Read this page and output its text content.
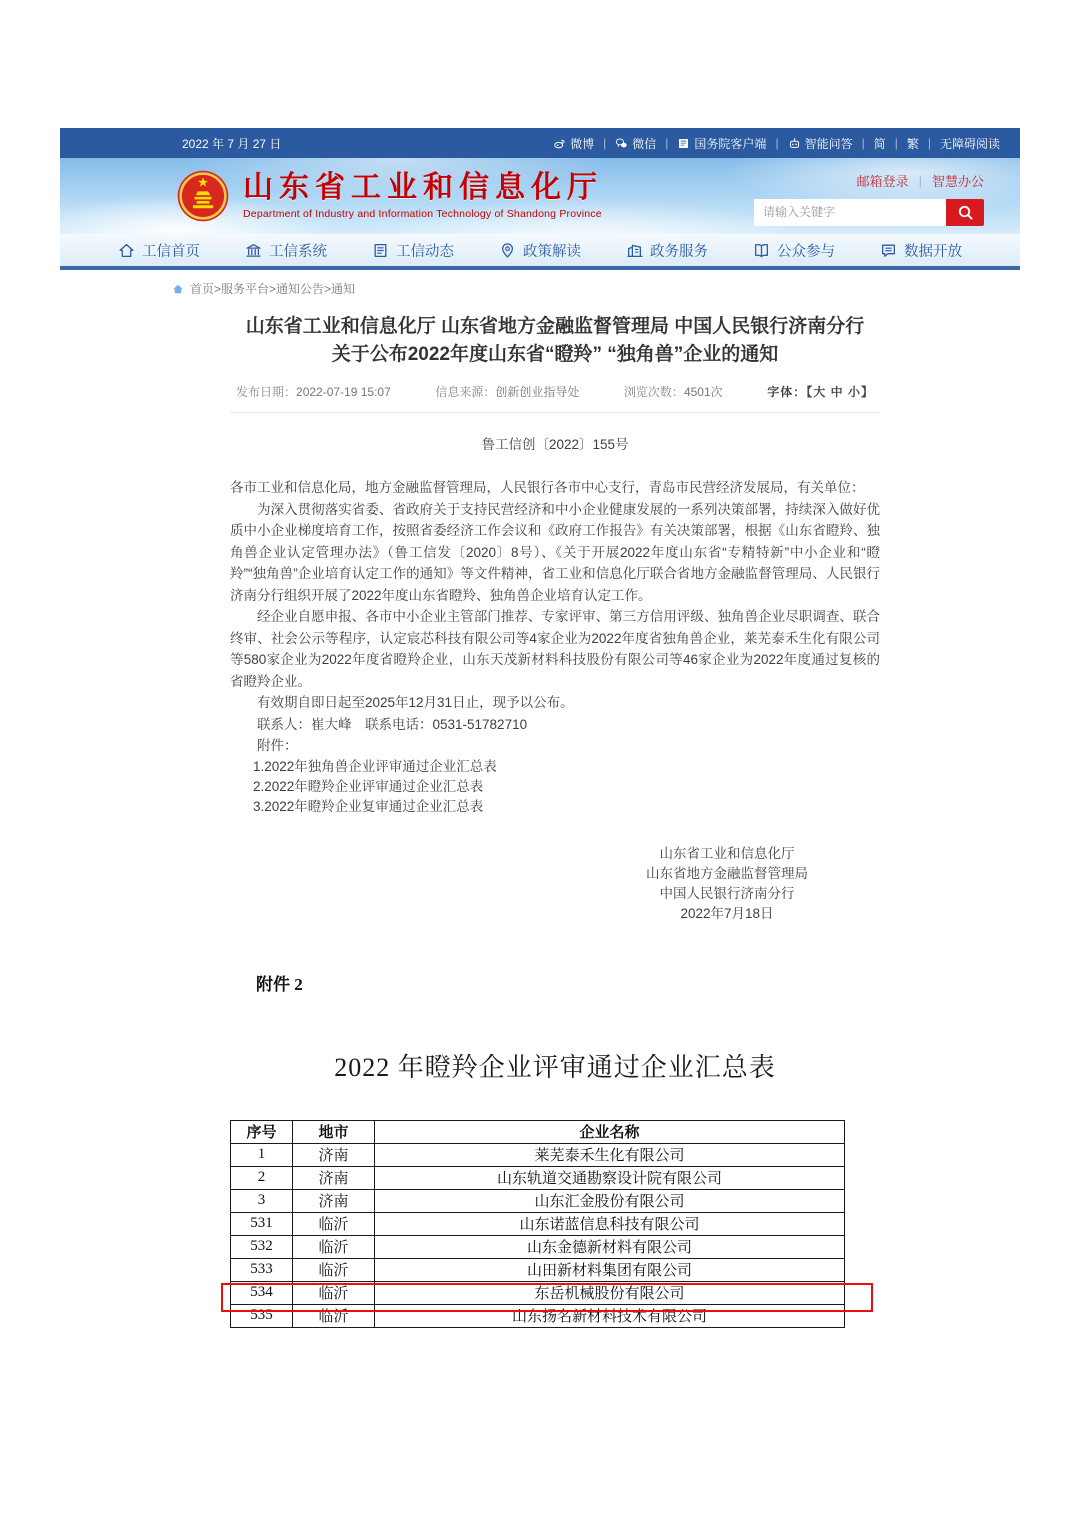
2022 年 7 月 27 日	微博 | 微信 | 国务院客户端 | 智能问答 | 简 | 繁 | 无障碍阅读
山东省工业和信息化厅
Department of Industry and Information Technology of Shandong Province
邮箱登录 | 智慧办公
请输入关键字
工信首页	工信系统	工信动态	政策解读	政务服务	公众参与	数据开放
首页>服务平台>通知公告>通知
山东省工业和信息化厅 山东省地方金融监督管理局 中国人民银行济南分行
关于公布2022年度山东省“瞪羚” “独角兽”企业的通知
发布日期：2022-07-19 15:07	信息来源：创新创业指导处	浏览次数：4501次	字体：【大 中 小】
鲁工信创〔2022〕155号

各市工业和信息化局，地方金融监督管理局，人民银行各市中心支行，青岛市民营经济发展局，有关单位：

为深入贯彻落实省委、省政府关于支持民营经济和中小企业健康发展的一系列决策部署，持续深入做好优质中小企业梯度培育工作，按照省委经济工作会议和《政府工作报告》有关决策部署，根据《山东省瞪羚、独角兽企业认定管理办法》（鲁工信发〔2020〕8号）、《关于开展2022年度山东省“专精特新”中小企业和“瞪羚”“独角兽”企业培育认定工作的通知》等文件精神，省工业和信息化厅联合省地方金融监督管理局、人民银行济南分行组织开展了2022年度山东省瞪羚、独角兽企业培育认定工作。

经企业自愿申报、各市中小企业主管部门推荐、专家评审、第三方信用评级、独角兽企业尽职调查、联合终审、社会公示等程序，认定宸芯科技有限公司等4家企业为2022年度省独角兽企业，莱芜泰禾生化有限公司等580家企业为2022年度省瞪羚企业，山东天茂新材料科技股份有限公司等46家企业为2022年度通过复核的省瞪羚企业。

有效期自即日起至2025年12月31日止，现予以公布。

联系人：崔大峰　联系电话：0531-51782710

附件：

1.2022年独角兽企业评审通过企业汇总表

2.2022年瞪羚企业评审通过企业汇总表

3.2022年瞪羚企业复审通过企业汇总表

山东省工业和信息化厅
山东省地方金融监督管理局
中国人民银行济南分行
2022年7月18日
附件 2
2022 年瞪羚企业评审通过企业汇总表
序号	地市	企业名称
1	济南	莱芜泰禾生化有限公司
2	济南	山东轨道交通勘察设计院有限公司
3	济南	山东汇金股份有限公司
531	临沂	山东诺蓝信息科技有限公司
532	临沂	山东金德新材料有限公司
533	临沂	山田新材料集团有限公司
534	临沂	东岳机械股份有限公司
535	临沂	山东扬名新材料技术有限公司
